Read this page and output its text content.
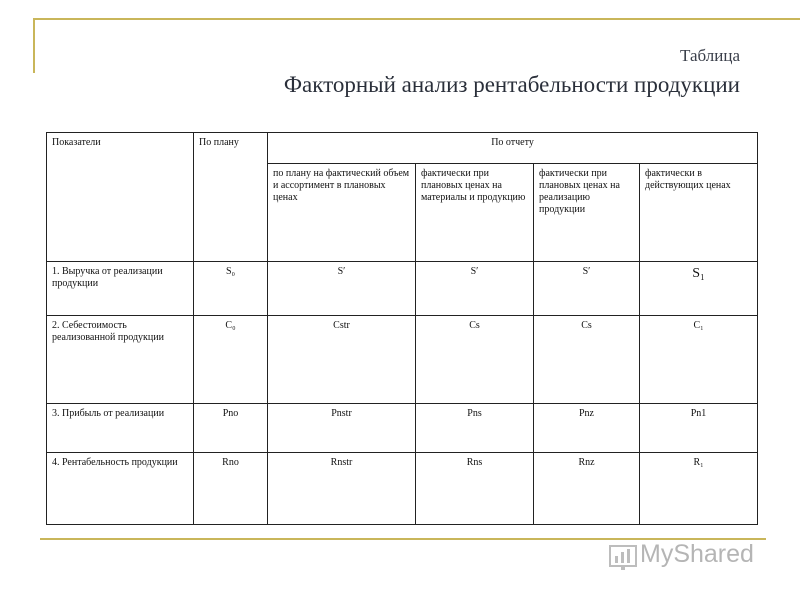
Таблица
Факторный анализ рентабельности продукции
Показатели	По плану	По отчету			
		по плану на фактический объем и ассортимент в плановых ценах	фактически при плановых ценах на материалы и продукцию	фактически при плановых ценах на реализацию продукции	фактически в действующих ценах
1. Выручка от реализации продукции	S₀	S′	S′	S′	S₁
2. Себестоимость реализованной продукции	C₀	Cstr	Cs	Cs	C₁
3. Прибыль от реализации	Pno	Pnstr	Pns	Pnz	Pn1
4. Рентабельность продукции	Rno	Rnstr	Rns	Rnz	R₁
MyShared
